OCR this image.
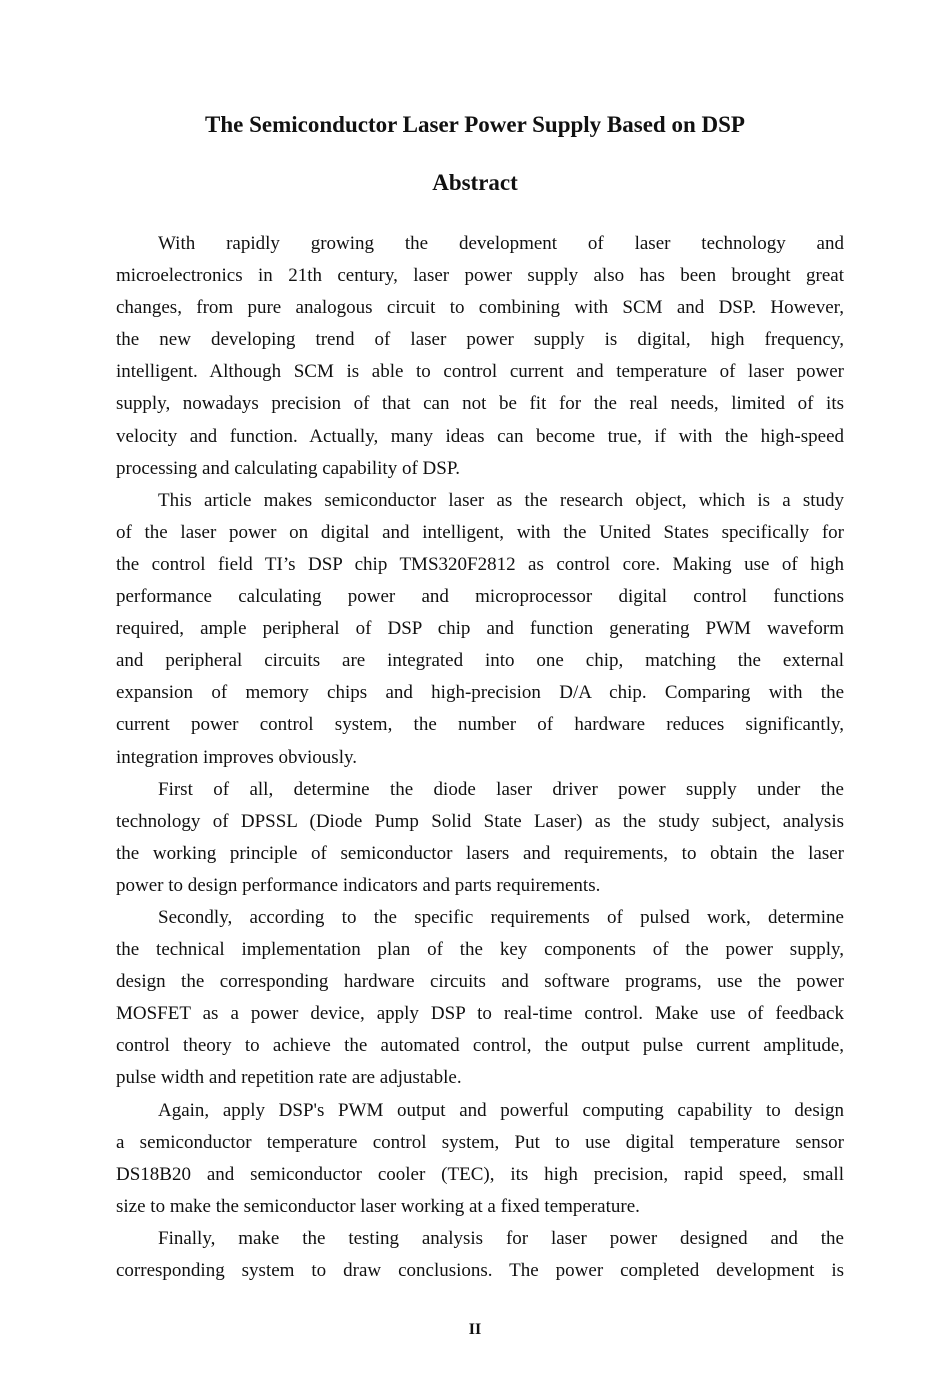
The Semiconductor Laser Power Supply Based on DSP
Abstract
With rapidly growing the development of laser technology and
microelectronics in 21th century, laser power supply also has been brought great
changes, from pure analogous circuit to combining with SCM and DSP. However,
the new developing trend of laser power supply is digital, high frequency,
intelligent. Although SCM is able to control current and temperature of laser power
supply, nowadays precision of that can not be fit for the real needs, limited of its
velocity and function. Actually, many ideas can become true, if with the high-speed
processing and calculating capability of DSP.
This article makes semiconductor laser as the research object, which is a study
of the laser power on digital and intelligent, with the United States specifically for
the control field TI’s DSP chip TMS320F2812 as control core. Making use of high
performance calculating power and microprocessor digital control functions
required, ample peripheral of DSP chip and function generating PWM waveform
and peripheral circuits are integrated into one chip, matching the external
expansion of memory chips and high-precision D/A chip. Comparing with the
current power control system, the number of hardware reduces significantly,
integration improves obviously.
First of all, determine the diode laser driver power supply under the
technology of DPSSL (Diode Pump Solid State Laser) as the study subject, analysis
the working principle of semiconductor lasers and requirements, to obtain the laser
power to design performance indicators and parts requirements.
Secondly, according to the specific requirements of pulsed work, determine
the technical implementation plan of the key components of the power supply,
design the corresponding hardware circuits and software programs, use the power
MOSFET as a power device, apply DSP to real-time control. Make use of feedback
control theory to achieve the automated control, the output pulse current amplitude,
pulse width and repetition rate are adjustable.
Again, apply DSP's PWM output and powerful computing capability to design
a semiconductor temperature control system, Put to use digital temperature sensor
DS18B20 and semiconductor cooler (TEC), its high precision, rapid speed, small
size to make the semiconductor laser working at a fixed temperature.
Finally, make the testing analysis for laser power designed and the
corresponding system to draw conclusions. The power completed development is
II
